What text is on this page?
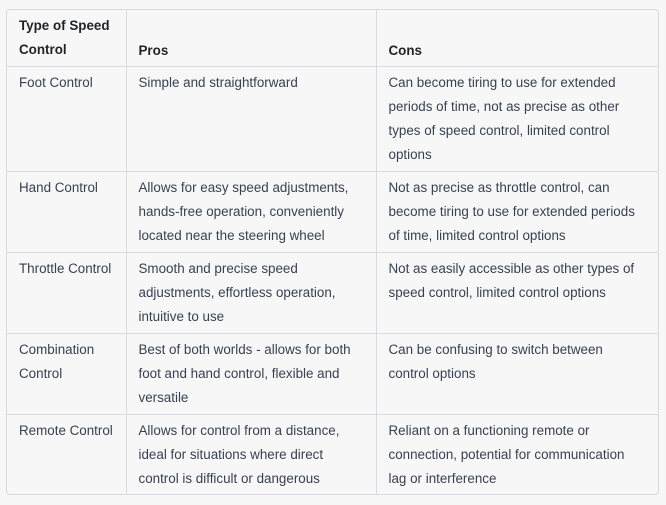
Type of Speed Control	Pros	Cons
Foot Control	Simple and straightforward	Can become tiring to use for extended periods of time, not as precise as other types of speed control, limited control options
Hand Control	Allows for easy speed adjustments, hands-free operation, conveniently located near the steering wheel	Not as precise as throttle control, can become tiring to use for extended periods of time, limited control options
Throttle Control	Smooth and precise speed adjustments, effortless operation, intuitive to use	Not as easily accessible as other types of speed control, limited control options
Combination Control	Best of both worlds - allows for both foot and hand control, flexible and versatile	Can be confusing to switch between control options
Remote Control	Allows for control from a distance, ideal for situations where direct control is difficult or dangerous	Reliant on a functioning remote or connection, potential for communication lag or interference
